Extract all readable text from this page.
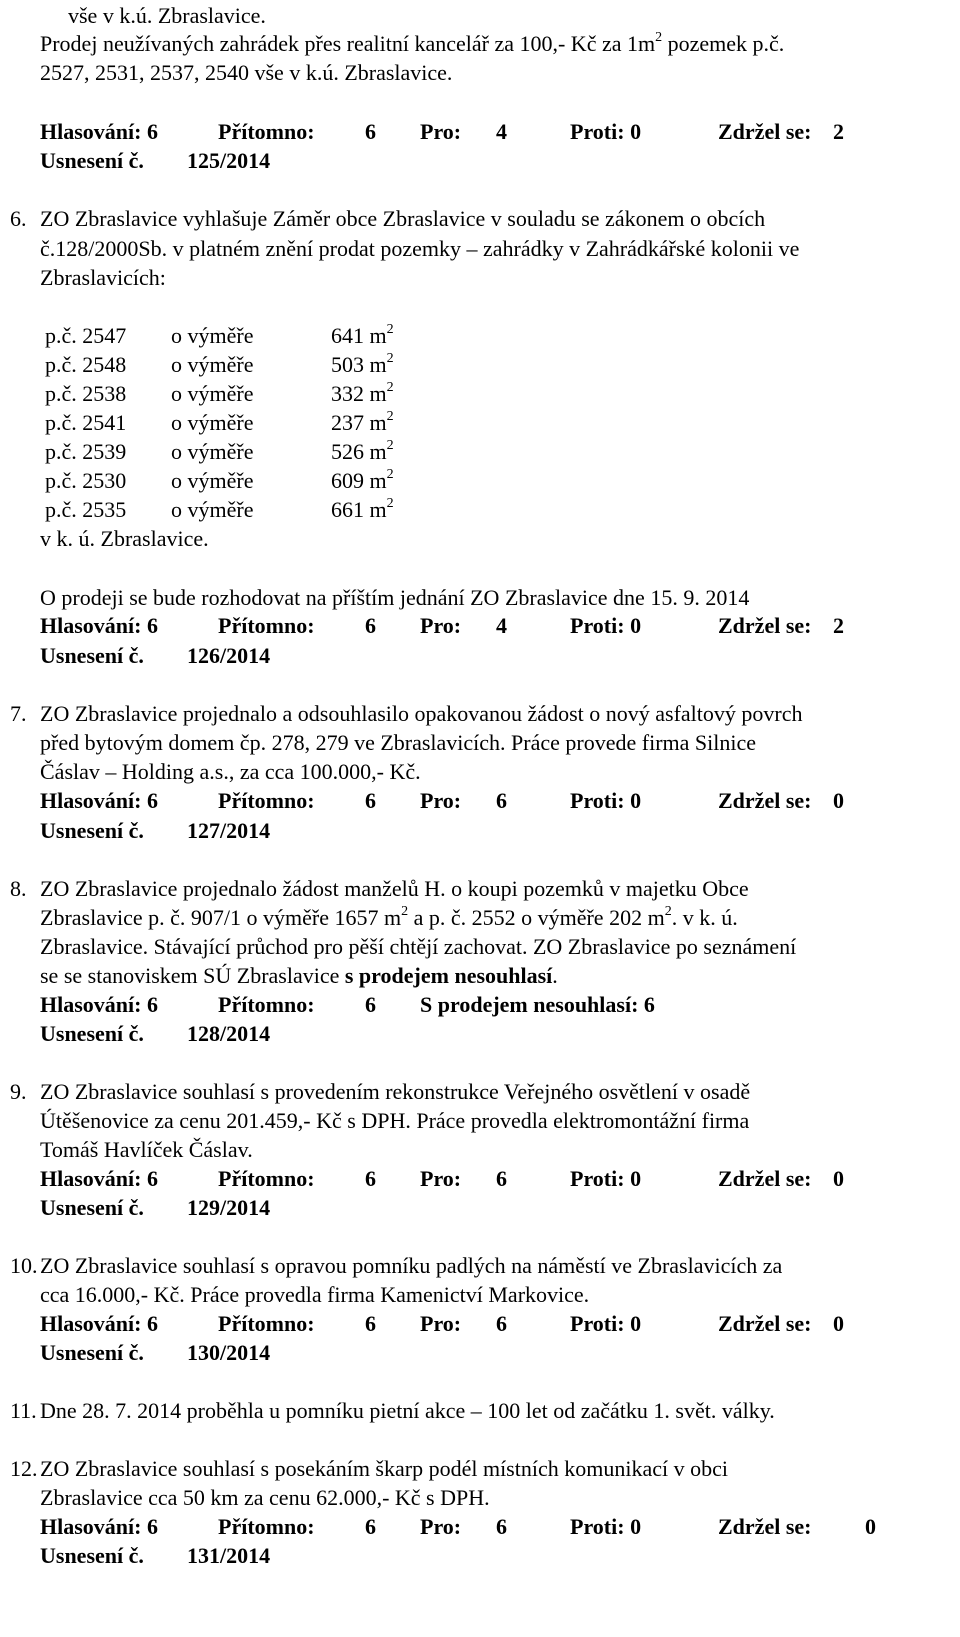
vše v k.ú. Zbraslavice.
Prodej neužívaných zahrádek přes realitní kancelář za 100,- Kč za $1m^2$ pozemek p.č.
2527, 2531, 2537, 2540 vše v k.ú. Zbraslavice.
Hlasování: 6	Přítomno: 6 Pro: 4	Proti: 0	Zdržel se: 2
Usnesení č. 125/2014
6. ZO Zbraslavice vyhlašuje Záměr obce Zbraslavice v souladu se zákonem o obcích
č.128/2000Sb. v platném znění prodat pozemky – zahrádky v Zahrádkářské kolonii ve
Zbraslavicích:
p.č. 2547 o výměře	641 $m^2$
p.č. 2548 o výměře	503 $m^2$
p.č. 2538 o výměře	332 $m^2$
p.č. 2541 o výměře	237 $m^2$
p.č. 2539 o výměře	526 $m^2$
p.č. 2530 o výměře	609 $m^2$
p.č. 2535 o výměře	661 $m^2$
v k. ú. Zbraslavice.
O prodeji se bude rozhodovat na příštím jednání ZO Zbraslavice dne 15. 9. 2014
Hlasování: 6	Přítomno: 6 Pro: 4	Proti: 0	Zdržel se: 2
Usnesení č. 126/2014
7. ZO Zbraslavice projednalo a odsouhlasilo opakovanou žádost o nový asfaltový povrch
před bytovým domem čp. 278, 279 ve Zbraslavicích. Práce provede firma Silnice
Čáslav – Holding a.s., za cca 100.000,- Kč.
Hlasování: 6	Přítomno: 6 Pro: 6	Proti: 0	Zdržel se: 0
Usnesení č. 127/2014
8. ZO Zbraslavice projednalo žádost manželů H. o koupi pozemků v majetku Obce
Zbraslavice p. č. 907/1 o výměře 1657 $m^2$ a p. č. 2552 o výměře 202 $m^2$. v k. ú.
Zbraslavice. Stávající průchod pro pěší chtějí zachovat. ZO Zbraslavice po seznámení
se se stanoviskem SÚ Zbraslavice s prodejem nesouhlasí.
Hlasování: 6	Přítomno: 6 S prodejem nesouhlasí: 6
Usnesení č. 128/2014
9. ZO Zbraslavice souhlasí s provedením rekonstrukce Veřejného osvětlení v osadě
Útěšenovice za cenu 201.459,- Kč s DPH. Práce provedla elektromontážní firma
Tomáš Havlíček Čáslav.
Hlasování: 6	Přítomno: 6 Pro: 6	Proti: 0	Zdržel se: 0
Usnesení č. 129/2014
10. ZO Zbraslavice souhlasí s opravou pomníku padlých na náměstí ve Zbraslavicích za
cca 16.000,- Kč. Práce provedla firma Kamenictví Markovice.
Hlasování: 6	Přítomno: 6 Pro: 6	Proti: 0	Zdržel se: 0
Usnesení č. 130/2014
11. Dne 28. 7. 2014 proběhla u pomníku pietní akce – 100 let od začátku 1. svět. války.
12. ZO Zbraslavice souhlasí s posekáním škarp podél místních komunikací v obci
Zbraslavice cca 50 km za cenu 62.000,- Kč s DPH.
Hlasování: 6	Přítomno: 6 Pro: 6	Proti: 0	Zdržel se: 0
Usnesení č. 131/2014
